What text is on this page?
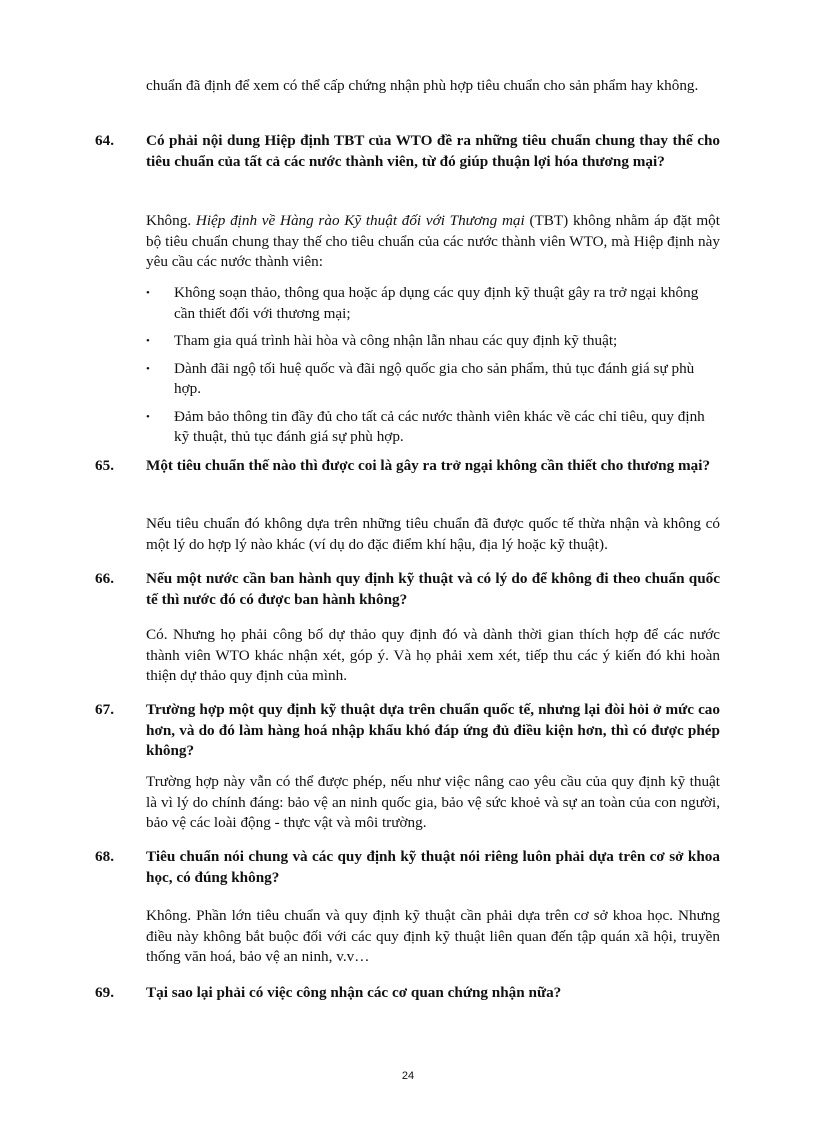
chuẩn đã định để xem có thể cấp chứng nhận phù hợp tiêu chuẩn cho sản phẩm hay không.

64. Có phải nội dung Hiệp định TBT của WTO đề ra những tiêu chuẩn chung thay thế cho tiêu chuẩn của tất cả các nước thành viên, từ đó giúp thuận lợi hóa thương mại?

Không. Hiệp định về Hàng rào Kỹ thuật đối với Thương mại (TBT) không nhằm áp đặt một bộ tiêu chuẩn chung thay thế cho tiêu chuẩn của các nước thành viên WTO, mà Hiệp định này yêu cầu các nước thành viên:

• Không soạn thảo, thông qua hoặc áp dụng các quy định kỹ thuật gây ra trở ngại không cần thiết đối với thương mại;
• Tham gia quá trình hài hòa và công nhận lẫn nhau các quy định kỹ thuật;
• Dành đãi ngộ tối huệ quốc và đãi ngộ quốc gia cho sản phẩm, thủ tục đánh giá sự phù hợp.
• Đảm bảo thông tin đầy đủ cho tất cả các nước thành viên khác về các chỉ tiêu, quy định kỹ thuật, thủ tục đánh giá sự phù hợp.
65. Một tiêu chuẩn thế nào thì được coi là gây ra trở ngại không cần thiết cho thương mại?

Nếu tiêu chuẩn đó không dựa trên những tiêu chuẩn đã được quốc tế thừa nhận và không có một lý do hợp lý nào khác (ví dụ do đặc điểm khí hậu, địa lý hoặc kỹ thuật).

66. Nếu một nước cần ban hành quy định kỹ thuật và có lý do để không đi theo chuẩn quốc tế thì nước đó có được ban hành không?

Có. Nhưng họ phải công bố dự thảo quy định đó và dành thời gian thích hợp để các nước thành viên WTO khác nhận xét, góp ý. Và họ phải xem xét, tiếp thu các ý kiến đó khi hoàn thiện dự thảo quy định của mình.

67. Trường hợp một quy định kỹ thuật dựa trên chuẩn quốc tế, nhưng lại đòi hỏi ở mức cao hơn, và do đó làm hàng hoá nhập khẩu khó đáp ứng đủ điều kiện hơn, thì có được phép không?

Trường hợp này vẫn có thể được phép, nếu như việc nâng cao yêu cầu của quy định kỹ thuật là vì lý do chính đáng: bảo vệ an ninh quốc gia, bảo vệ sức khoẻ và sự an toàn của con người, bảo vệ các loài động - thực vật và môi trường.

68. Tiêu chuẩn nói chung và các quy định kỹ thuật nói riêng luôn phải dựa trên cơ sở khoa học, có đúng không?

Không. Phần lớn tiêu chuẩn và quy định kỹ thuật cần phải dựa trên cơ sở khoa học. Nhưng điều này không bắt buộc đối với các quy định kỹ thuật liên quan đến tập quán xã hội, truyền thống văn hoá, bảo vệ an ninh, v.v…

69. Tại sao lại phải có việc công nhận các cơ quan chứng nhận nữa?
24
